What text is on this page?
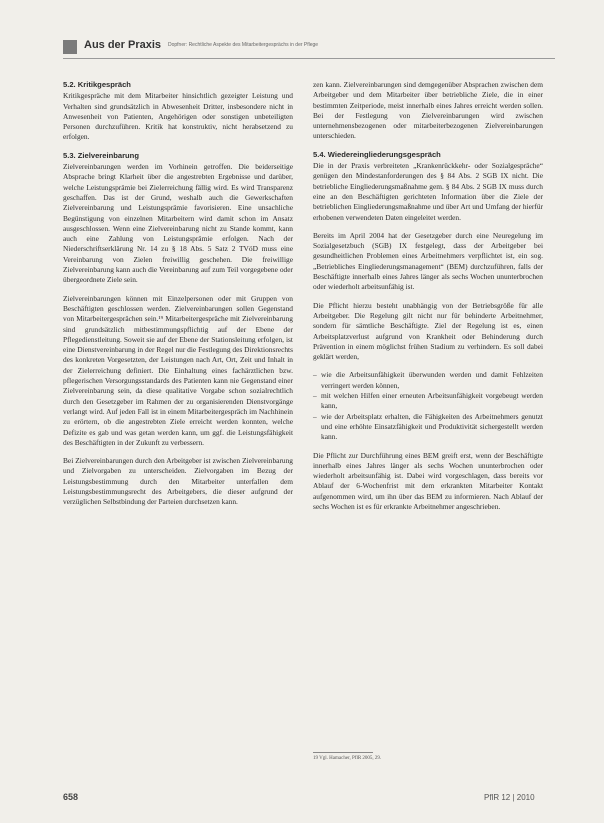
Aus der Praxis Dopfner: Rechtliche Aspekte des Mitarbeitergesprächs in der Pflege
5.2. Kritikgespräch

Kritikgespräche mit dem Mitarbeiter hinsichtlich gezeigter Leistung und Verhalten sind grundsätzlich in Abwesenheit Dritter, insbesondere nicht in Anwesenheit von Patienten, Angehörigen oder sonstigen unbeteiligten Personen durchzuführen. Kritik hat konstruktiv, nicht herabsetzend zu erfolgen.

5.3. Zielvereinbarung

Zielvereinbarungen werden im Vorhinein getroffen. Die beiderseitige Absprache bringt Klarheit über die angestrebten Ergebnisse und darüber, welche Leistungsprämie bei Zielerreichung fällig wird. Es wird Transparenz geschaffen. Das ist der Grund, weshalb auch die Gewerkschaften Zielvereinbarung und Leistungsprämie favorisieren. Eine unsachliche Begünstigung von einzelnen Mitarbeitern wird damit schon im Ansatz ausgeschlossen. Wenn eine Zielvereinbarung nicht zu Stande kommt, kann auch eine Zahlung von Leistungsprämie erfolgen. Nach der Niederschriftserklärung Nr. 14 zu § 18 Abs. 5 Satz 2 TVöD muss eine Vereinbarung von Zielen freiwillig geschehen. Die freiwillige Zielvereinbarung kann auch die Vereinbarung auf zum Teil vorgegebene oder übergeordnete Ziele sein.

Zielvereinbarungen können mit Einzelpersonen oder mit Gruppen von Beschäftigten geschlossen werden. Zielvereinbarungen sollen Gegenstand von Mitarbeitergesprächen sein.¹⁹ Mitarbeitergespräche mit Zielvereinbarung sind grundsätzlich mitbestimmungspflichtig auf der Ebene der Pflegedienstleitung. Soweit sie auf der Ebene der Stationsleitung erfolgen, ist eine Dienstvereinbarung in der Regel nur die Festlegung des Direktionsrechts des konkreten Vorgesetzten, der Leistungen nach Art, Ort, Zeit und Inhalt in der Zielerreichung definiert. Die Einhaltung eines fachärztlichen bzw. pflegerischen Versorgungsstandards des Patienten kann nie Gegenstand einer Zielvereinbarung sein, da diese qualitative Vorgabe schon sozialrechtlich durch den Gesetzgeber im Rahmen der zu organisierenden Dienstvorgänge verlangt wird. Auf jeden Fall ist in einem Mitarbeitergespräch im Nachhinein zu erörtern, ob die angestrebten Ziele erreicht werden konnten, welche Defizite es gab und was getan werden kann, um ggf. die Leistungsfähigkeit des Beschäftigten in der Zukunft zu verbessern.

Bei Zielvereinbarungen durch den Arbeitgeber ist zwischen Zielvereinbarung und Zielvorgaben zu unterscheiden. Zielvorgaben im Bezug der Leistungsbestimmung durch den Mitarbeiter unterfallen dem Leistungsbestimmungsrecht des Arbeitgebers, die dieser aufgrund der verzüglichen Selbstbindung der Parteien durchsetzen kann.

zen kann. Zielvereinbarungen sind demgegenüber Absprachen zwischen dem Arbeitgeber und dem Mitarbeiter über betriebliche Ziele, die in einer bestimmten Zeitperiode, meist innerhalb eines Jahres erreicht werden sollen. Bei der Festlegung von Zielvereinbarungen wird zwischen unternehmensbezogenen oder mitarbeiterbezogenen Zielvereinbarungen unterschieden.

5.4. Wiedereingliederungsgespräch

Die in der Praxis verbreiteten „Krankenrückkehr- oder Sozialgespräche“ genügen den Mindestanforderungen des § 84 Abs. 2 SGB IX nicht. Die betriebliche Eingliederungsmaßnahme gem. § 84 Abs. 2 SGB IX muss durch eine an den Beschäftigten gerichteten Information über die Ziele der betrieblichen Eingliederungsmaßnahme und über Art und Umfang der hierfür erhobenen verwendeten Daten eingeleitet werden.

Bereits im April 2004 hat der Gesetzgeber durch eine Neuregelung im Sozialgesetzbuch (SGB) IX festgelegt, dass der Arbeitgeber bei gesundheitlichen Problemen eines Arbeitnehmers verpflichtet ist, ein sog. „Betriebliches Eingliederungsmanagement“ (BEM) durchzuführen, falls der Beschäftigte innerhalb eines Jahres länger als sechs Wochen ununterbrochen oder wiederholt arbeitsunfähig ist.

Die Pflicht hierzu besteht unabhängig von der Betriebsgröße für alle Arbeitgeber. Die Regelung gilt nicht nur für behinderte Arbeitnehmer, sondern für sämtliche Beschäftigte. Ziel der Regelung ist es, einen Arbeitsplatzverlust aufgrund von Krankheit oder Behinderung durch Prävention in einem möglichst frühen Stadium zu verhindern. Es soll dabei geklärt werden,

– wie die Arbeitsunfähigkeit überwunden werden und damit Fehlzeiten verringert werden können,
– mit welchen Hilfen einer erneuten Arbeitsunfähigkeit vorgebeugt werden kann,
– wie der Arbeitsplatz erhalten, die Fähigkeiten des Arbeitnehmers genutzt und eine erhöhte Einsatzfähigkeit und Produktivität sichergestellt werden kann.

Die Pflicht zur Durchführung eines BEM greift erst, wenn der Beschäftigte innerhalb eines Jahres länger als sechs Wochen ununterbrochen oder wiederholt arbeitsunfähig ist. Dabei wird vorgeschlagen, dass bereits vor Ablauf der 6-Wochenfrist mit dem erkrankten Mitarbeiter Kontakt aufgenommen wird, um ihn über das BEM zu informieren. Nach Ablauf der sechs Wochen ist es für erkrankte Arbeitnehmer angeschrieben.

19 Vgl. Hamacher, PflR 2005, 29.
658	PflR 12 | 2010
